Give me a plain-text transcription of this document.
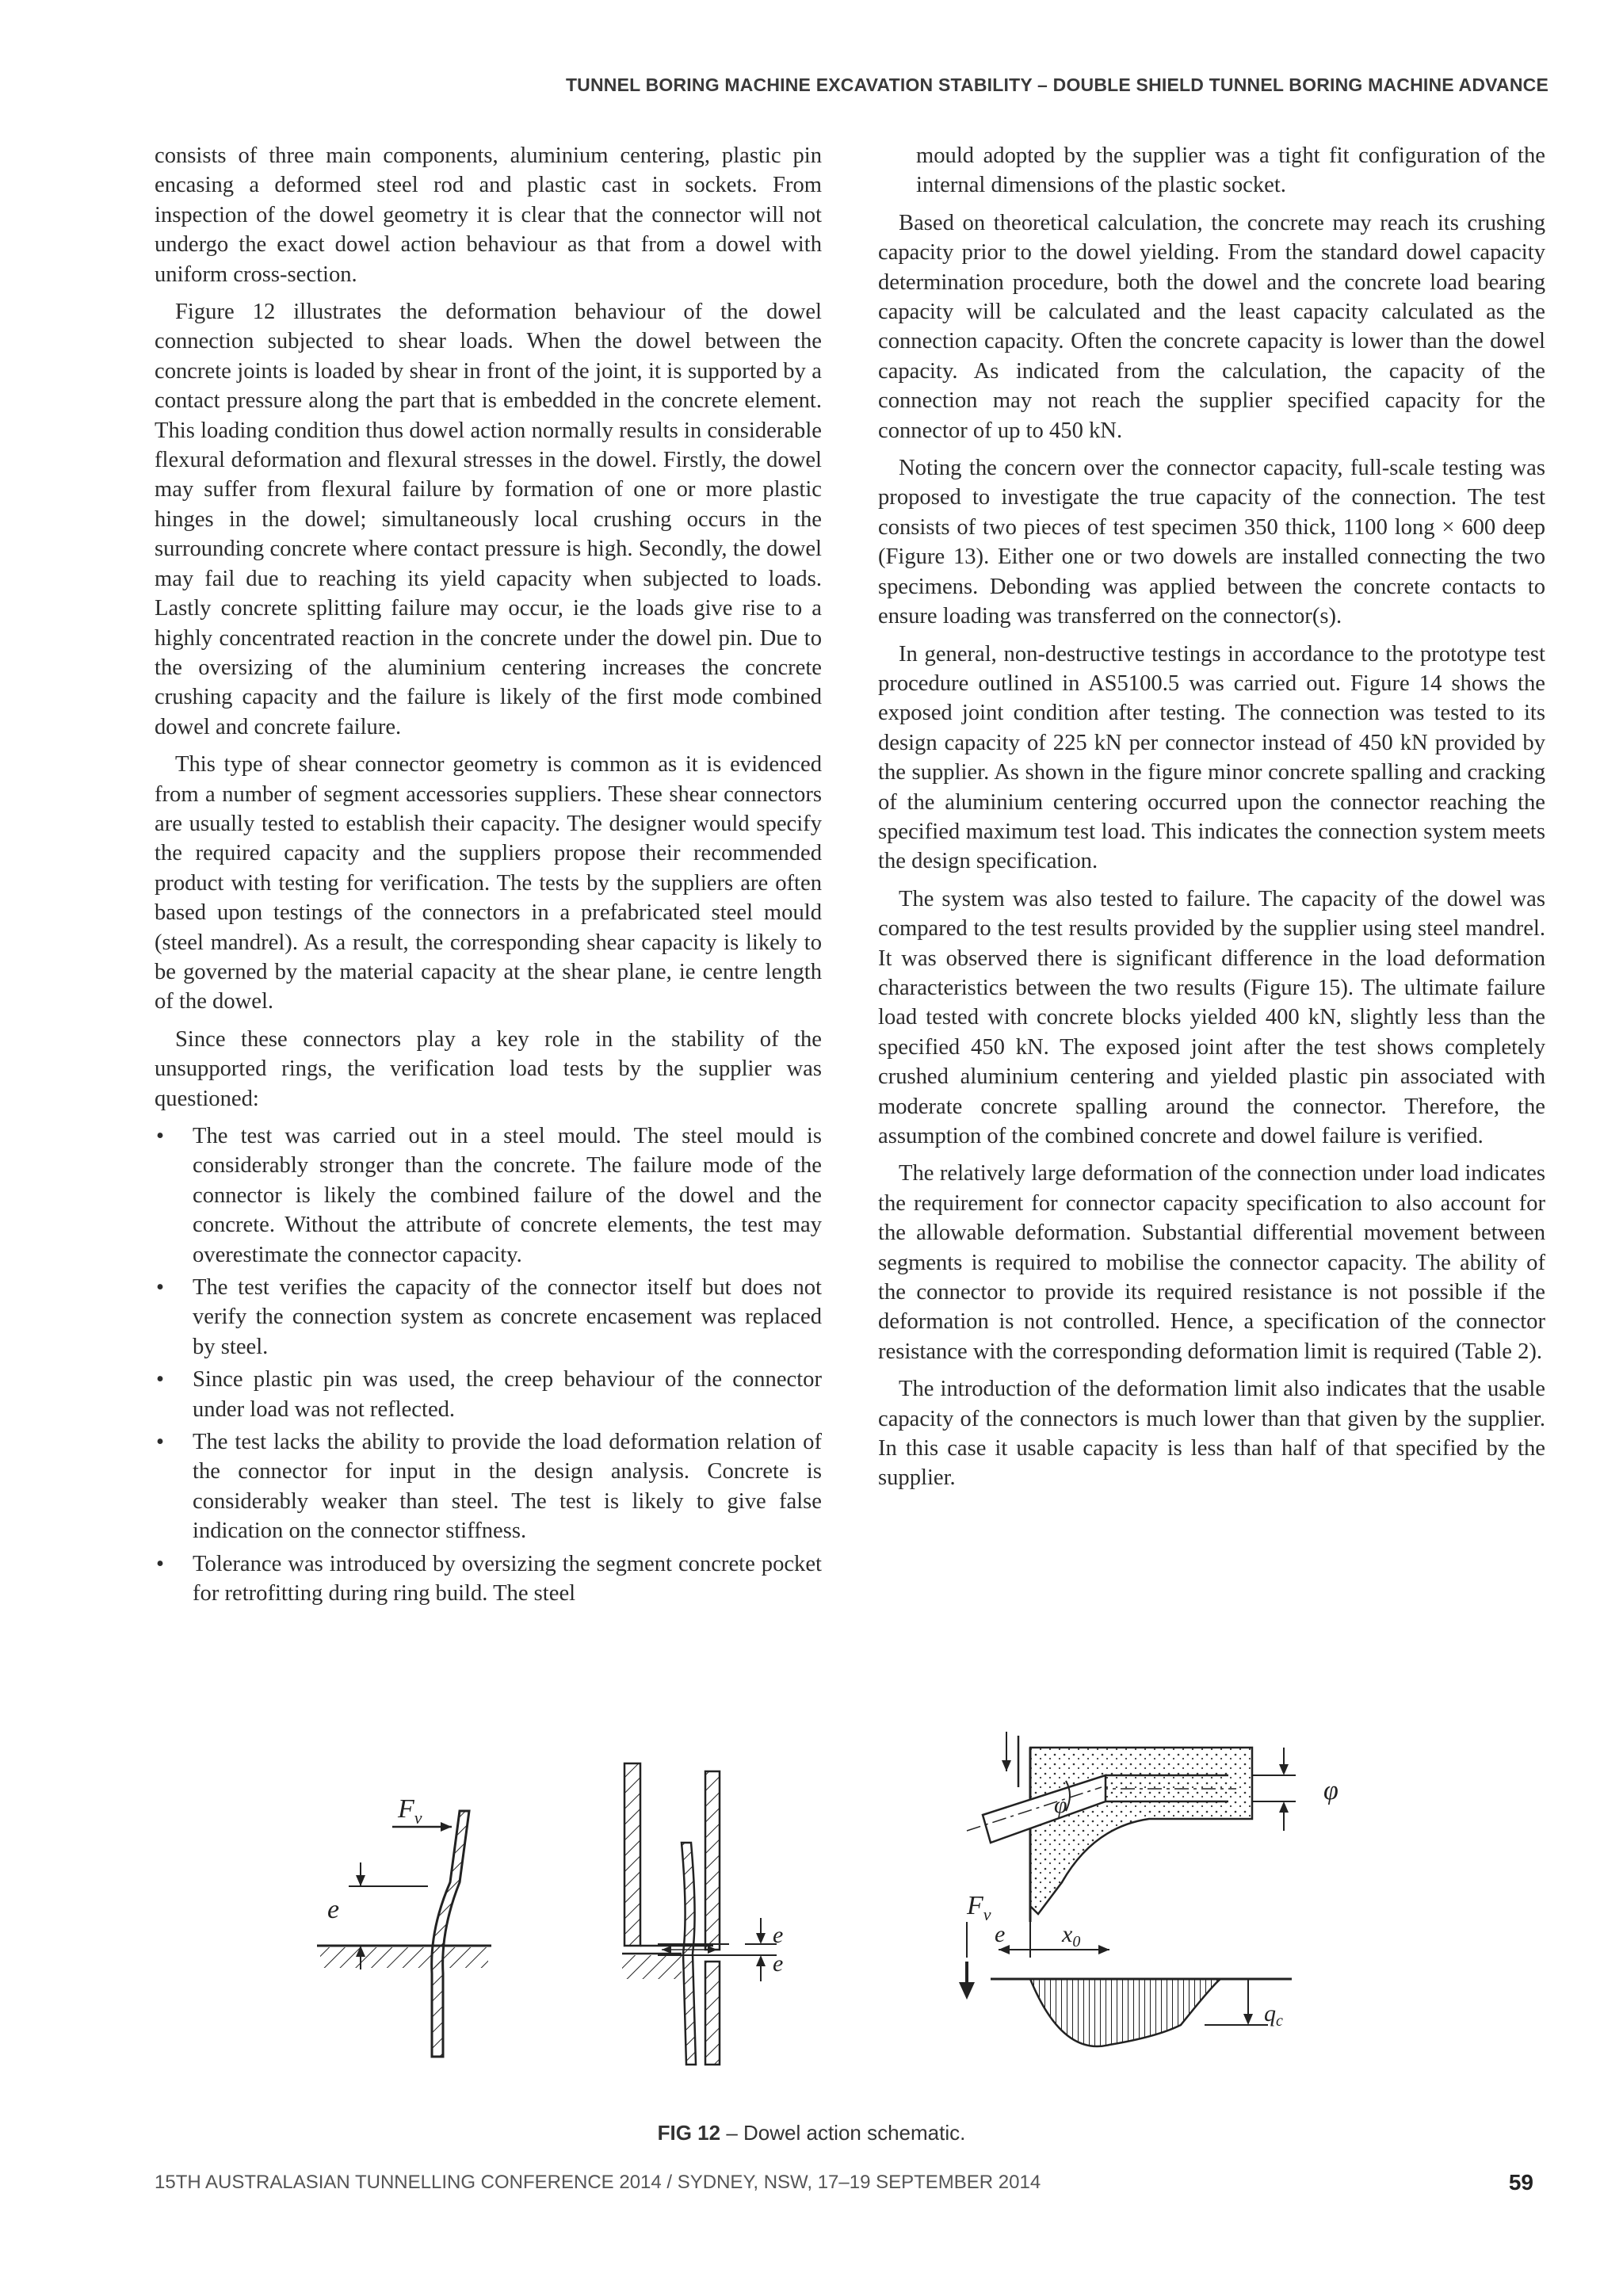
TUNNEL BORING MACHINE EXCAVATION STABILITY – DOUBLE SHIELD TUNNEL BORING MACHINE ADVANCE

consists of three main components, aluminium centering, plastic pin encasing a deformed steel rod and plastic cast in sockets. From inspection of the dowel geometry it is clear that the connector will not undergo the exact dowel action behaviour as that from a dowel with uniform cross-section.

Figure 12 illustrates the deformation behaviour of the dowel connection subjected to shear loads. When the dowel between the concrete joints is loaded by shear in front of the joint, it is supported by a contact pressure along the part that is embedded in the concrete element. This loading condition thus dowel action normally results in considerable flexural deformation and flexural stresses in the dowel. Firstly, the dowel may suffer from flexural failure by formation of one or more plastic hinges in the dowel; simultaneously local crushing occurs in the surrounding concrete where contact pressure is high. Secondly, the dowel may fail due to reaching its yield capacity when subjected to loads. Lastly concrete splitting failure may occur, ie the loads give rise to a highly concentrated reaction in the concrete under the dowel pin. Due to the oversizing of the aluminium centering increases the concrete crushing capacity and the failure is likely of the first mode combined dowel and concrete failure.

This type of shear connector geometry is common as it is evidenced from a number of segment accessories suppliers. These shear connectors are usually tested to establish their capacity. The designer would specify the required capacity and the suppliers propose their recommended product with testing for verification. The tests by the suppliers are often based upon testings of the connectors in a prefabricated steel mould (steel mandrel). As a result, the corresponding shear capacity is likely to be governed by the material capacity at the shear plane, ie centre length of the dowel.

Since these connectors play a key role in the stability of the unsupported rings, the verification load tests by the supplier was questioned:

• The test was carried out in a steel mould. The steel mould is considerably stronger than the concrete. The failure mode of the connector is likely the combined failure of the dowel and the concrete. Without the attribute of concrete elements, the test may overestimate the connector capacity.
• The test verifies the capacity of the connector itself but does not verify the connection system as concrete encasement was replaced by steel.
• Since plastic pin was used, the creep behaviour of the connector under load was not reflected.
• The test lacks the ability to provide the load deformation relation of the connector for input in the design analysis. Concrete is considerably weaker than steel. The test is likely to give false indication on the connector stiffness.
• Tolerance was introduced by oversizing the segment concrete pocket for retrofitting during ring build. The steel

mould adopted by the supplier was a tight fit configuration of the internal dimensions of the plastic socket.

Based on theoretical calculation, the concrete may reach its crushing capacity prior to the dowel yielding. From the standard dowel capacity determination procedure, both the dowel and the concrete load bearing capacity will be calculated and the least capacity calculated as the connection capacity. Often the concrete capacity is lower than the dowel capacity. As indicated from the calculation, the capacity of the connection may not reach the supplier specified capacity for the connector of up to 450 kN.

Noting the concern over the connector capacity, full-scale testing was proposed to investigate the true capacity of the connection. The test consists of two pieces of test specimen 350 thick, 1100 long × 600 deep (Figure 13). Either one or two dowels are installed connecting the two specimens. Debonding was applied between the concrete contacts to ensure loading was transferred on the connector(s).

In general, non-destructive testings in accordance to the prototype test procedure outlined in AS5100.5 was carried out. Figure 14 shows the exposed joint condition after testing. The connection was tested to its design capacity of 225 kN per connector instead of 450 kN provided by the supplier. As shown in the figure minor concrete spalling and cracking of the aluminium centering occurred upon the connector reaching the specified maximum test load. This indicates the connection system meets the design specification.

The system was also tested to failure. The capacity of the dowel was compared to the test results provided by the supplier using steel mandrel. It was observed there is significant difference in the load deformation characteristics between the two results (Figure 15). The ultimate failure load tested with concrete blocks yielded 400 kN, slightly less than the specified 450 kN. The exposed joint after the test shows completely crushed aluminium centering and yielded plastic pin associated with moderate concrete spalling around the connector. Therefore, the assumption of the combined concrete and dowel failure is verified.

The relatively large deformation of the connection under load indicates the requirement for connector capacity specification to also account for the allowable deformation. Substantial differential movement between segments is required to mobilise the connector capacity. The ability of the connector to provide its required resistance is not possible if the deformation is not controlled. Hence, a specification of the connector resistance with the corresponding deformation limit is required (Table 2).

The introduction of the deformation limit also indicates that the usable capacity of the connectors is much lower than that given by the supplier. In this case it usable capacity is less than half of that specified by the supplier.

$F_v$
e
e
e
φ	φ
$F_v$
e $x_0$
$q_c$
FIG 12 – Dowel action schematic.
15TH AUSTRALASIAN TUNNELLING CONFERENCE 2014 / SYDNEY, NSW, 17–19 SEPTEMBER 2014	59
